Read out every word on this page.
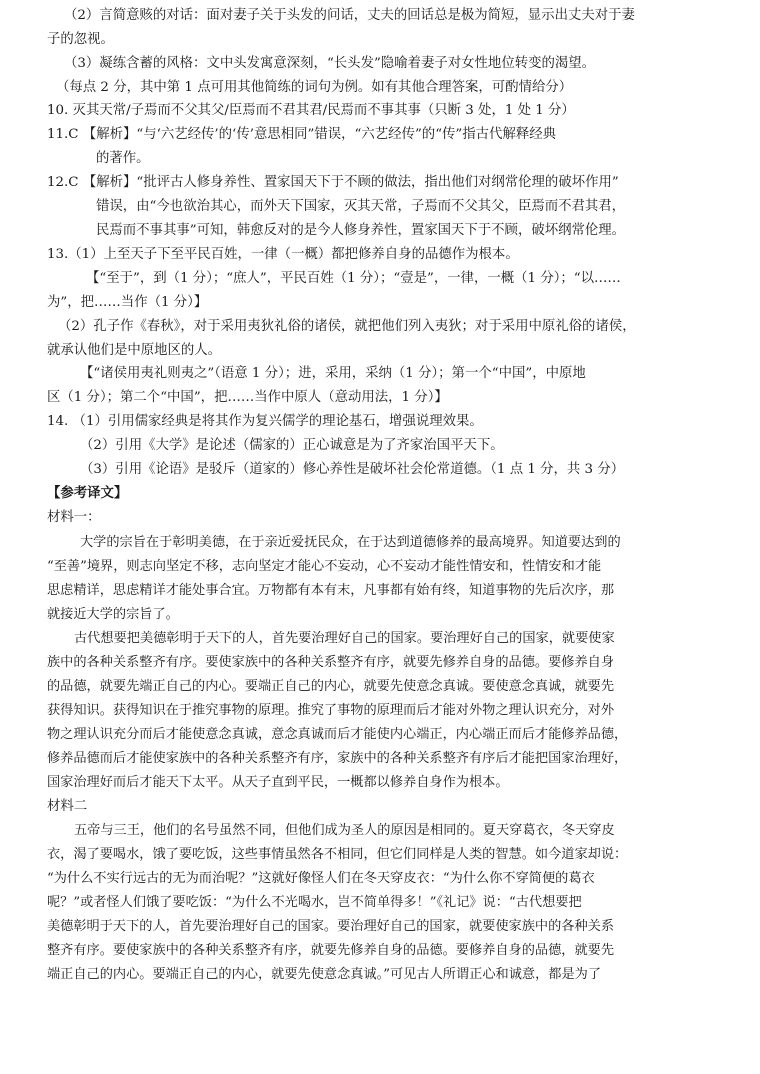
（2）言简意赅的对话：面对妻子关于头发的问话，丈夫的回话总是极为简短，显示出丈夫对于妻
子的忽视。
（3）凝练含蓄的风格：文中头发寓意深刻，“长头发”隐喻着妻子对女性地位转变的渴望。
（每点 2 分，其中第 1 点可用其他简练的词句为例。如有其他合理答案，可酌情给分）
10. 灭其天常/子焉而不父其父/臣焉而不君其君/民焉而不事其事（只断 3 处，1 处 1 分）
11.C 【解析】“与‘六艺经传’的‘传’意思相同”错误，“六艺经传”的“传”指古代解释经典
的著作。
12.C 【解析】“批评古人修身养性、置家国天下于不顾的做法，指出他们对纲常伦理的破坏作用”
错误，由“今也欲治其心，而外天下国家，灭其天常，子焉而不父其父，臣焉而不君其君，
民焉而不事其事”可知，韩愈反对的是今人修身养性，置家国天下于不顾，破坏纲常伦理。
13.（1）上至天子下至平民百姓，一律（一概）都把修养自身的品德作为根本。
【“至于”，到（1 分）；“庶人”，平民百姓（1 分）；“壹是”，一律，一概（1 分）；“以……
为”，把……当作（1 分）】
（2）孔子作《春秋》，对于采用夷狄礼俗的诸侯，就把他们列入夷狄；对于采用中原礼俗的诸侯，
就承认他们是中原地区的人。
【“诸侯用夷礼则夷之”（语意 1 分）；进，采用，采纳（1 分）；第一个“中国”，中原地
区（1 分）；第二个“中国”，把……当作中原人（意动用法，1 分）】
14. （1）引用儒家经典是将其作为复兴儒学的理论基石，增强说理效果。
（2）引用《大学》是论述（儒家的）正心诚意是为了齐家治国平天下。
（3）引用《论语》是驳斥（道家的）修心养性是破坏社会伦常道德。（1 点 1 分，共 3 分）
【参考译文】
材料一：
大学的宗旨在于彰明美德，在于亲近爱抚民众，在于达到道德修养的最高境界。知道要达到的
“至善”境界，则志向坚定不移，志向坚定才能心不妄动，心不妄动才能性情安和，性情安和才能
思虑精详，思虑精详才能处事合宜。万物都有本有末，凡事都有始有终，知道事物的先后次序，那
就接近大学的宗旨了。
古代想要把美德彰明于天下的人，首先要治理好自己的国家。要治理好自己的国家，就要使家
族中的各种关系整齐有序。要使家族中的各种关系整齐有序，就要先修养自身的品德。要修养自身
的品德，就要先端正自己的内心。要端正自己的内心，就要先使意念真诚。要使意念真诚，就要先
获得知识。获得知识在于推究事物的原理。推究了事物的原理而后才能对外物之理认识充分，对外
物之理认识充分而后才能使意念真诚，意念真诚而后才能使内心端正，内心端正而后才能修养品德，
修养品德而后才能使家族中的各种关系整齐有序，家族中的各种关系整齐有序后才能把国家治理好，
国家治理好而后才能天下太平。从天子直到平民，一概都以修养自身作为根本。
材料二
五帝与三王，他们的名号虽然不同，但他们成为圣人的原因是相同的。夏天穿葛衣，冬天穿皮
衣，渴了要喝水，饿了要吃饭，这些事情虽然各不相同，但它们同样是人类的智慧。如今道家却说：
“为什么不实行远古的无为而治呢？”这就好像怪人们在冬天穿皮衣：“为什么你不穿简便的葛衣
呢？”或者怪人们饿了要吃饭：“为什么不光喝水，岂不简单得多！”《礼记》说：“古代想要把
美德彰明于天下的人，首先要治理好自己的国家。要治理好自己的国家，就要使家族中的各种关系
整齐有序。要使家族中的各种关系整齐有序，就要先修养自身的品德。要修养自身的品德，就要先
端正自己的内心。要端正自己的内心，就要先使意念真诚。”可见古人所谓正心和诚意，都是为了
